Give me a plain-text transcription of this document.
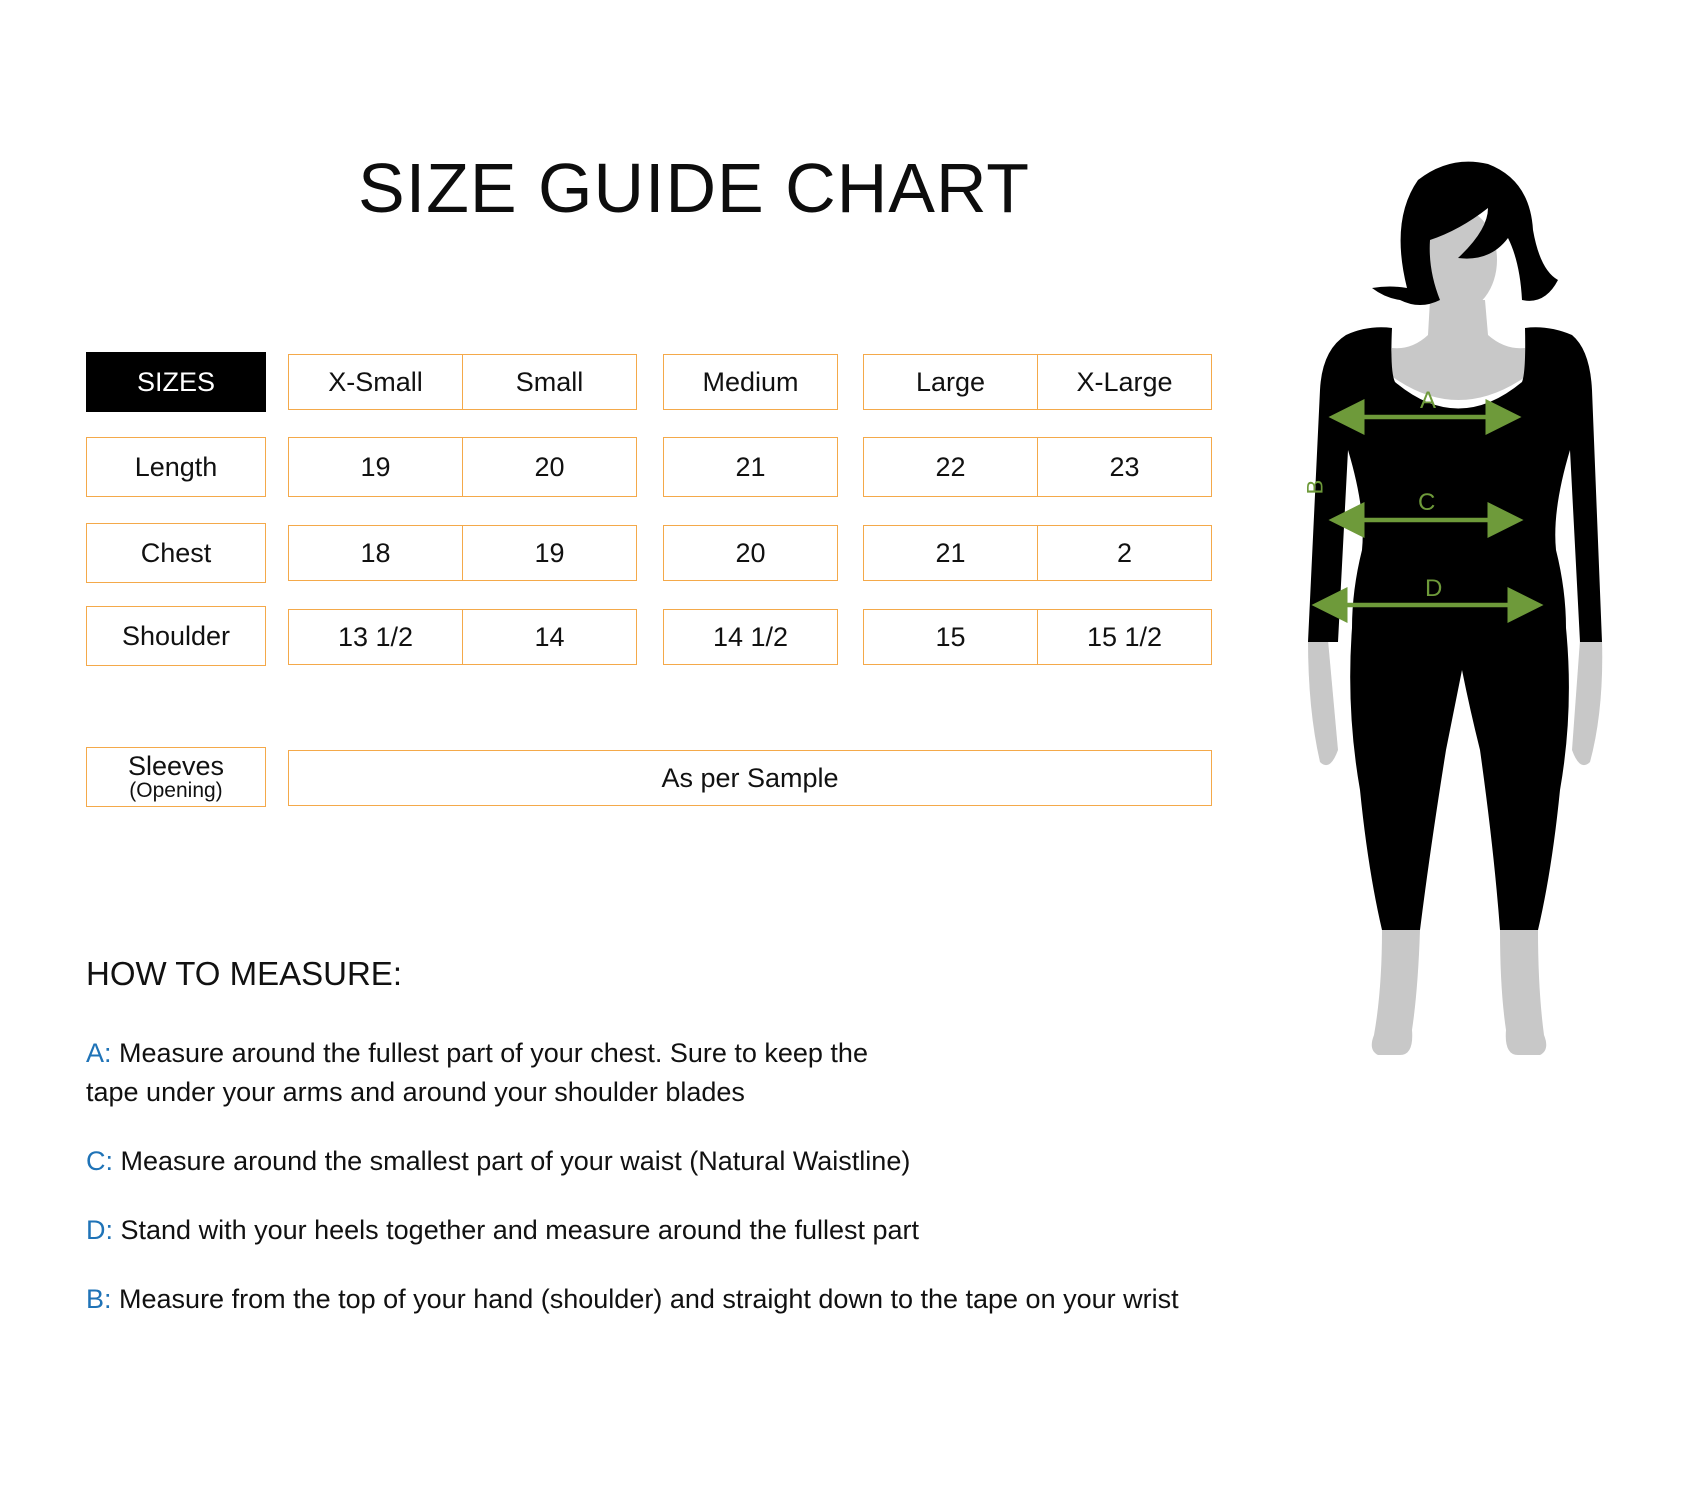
SIZE GUIDE CHART
SIZES	X-Small	Small	Medium	Large	X-Large
Length	19	20	21	22	23
Chest	18	19	20	21	2
Shoulder	13 1/2	14	14 1/2	15	15 1/2
Sleeves
(Opening)	As per Sample
HOW TO MEASURE:
A: Measure around the fullest part of your chest. Sure to keep the
tape under your arms and around your shoulder blades
C: Measure around the smallest part of your waist (Natural Waistline)
D: Stand with your heels together and measure around the fullest part
B: Measure from the top of your hand (shoulder) and straight down to the tape on your wrist
A
C
D
B
